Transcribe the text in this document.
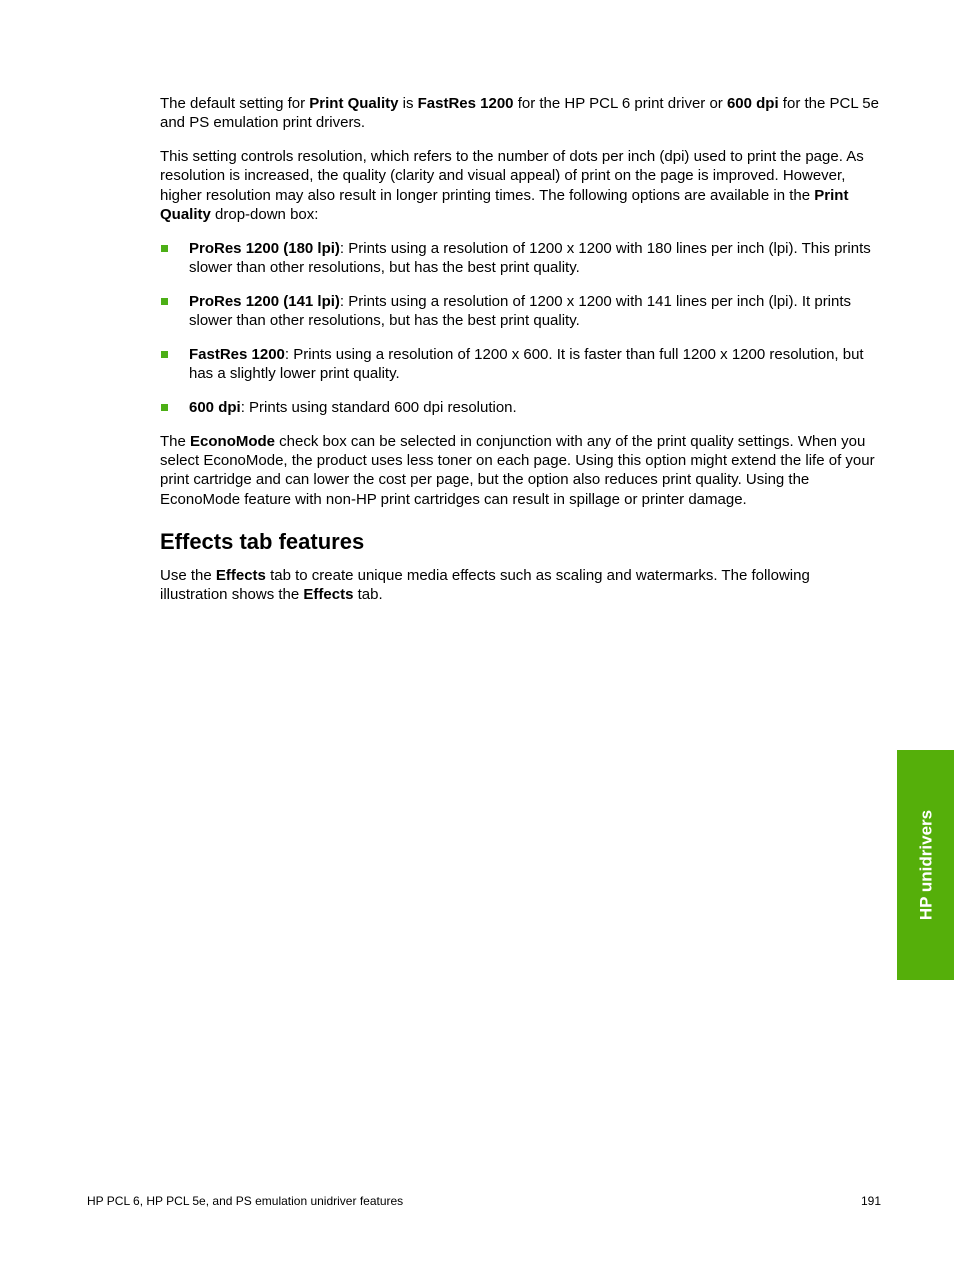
The default setting for Print Quality is FastRes 1200 for the HP PCL 6 print driver or 600 dpi for the PCL 5e and PS emulation print drivers.

This setting controls resolution, which refers to the number of dots per inch (dpi) used to print the page. As resolution is increased, the quality (clarity and visual appeal) of print on the page is improved. However, higher resolution may also result in longer printing times. The following options are available in the Print Quality drop-down box:

ProRes 1200 (180 lpi): Prints using a resolution of 1200 x 1200 with 180 lines per inch (lpi). This prints slower than other resolutions, but has the best print quality.
ProRes 1200 (141 lpi): Prints using a resolution of 1200 x 1200 with 141 lines per inch (lpi). It prints slower than other resolutions, but has the best print quality.
FastRes 1200: Prints using a resolution of 1200 x 600. It is faster than full 1200 x 1200 resolution, but has a slightly lower print quality.
600 dpi: Prints using standard 600 dpi resolution.

The EconoMode check box can be selected in conjunction with any of the print quality settings. When you select EconoMode, the product uses less toner on each page. Using this option might extend the life of your print cartridge and can lower the cost per page, but the option also reduces print quality. Using the EconoMode feature with non-HP print cartridges can result in spillage or printer damage.

Effects tab features

Use the Effects tab to create unique media effects such as scaling and watermarks. The following illustration shows the Effects tab.

HP unidrivers
HP PCL 6, HP PCL 5e, and PS emulation unidriver features	191
